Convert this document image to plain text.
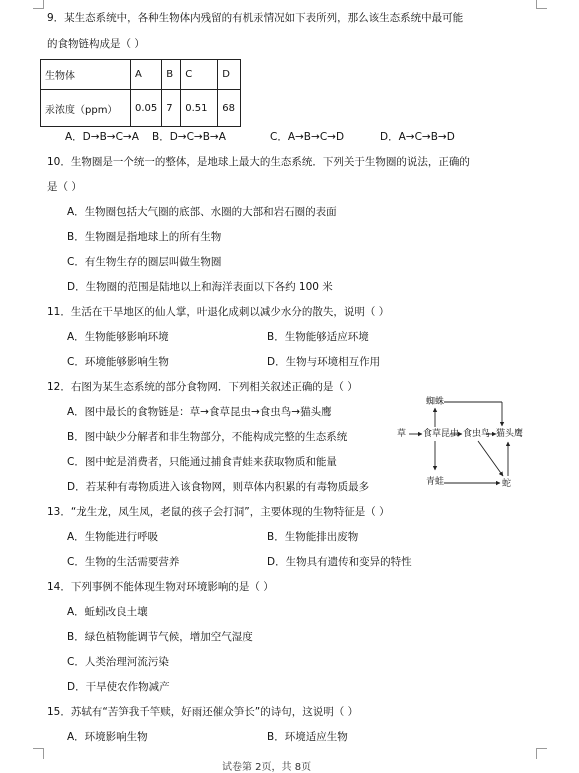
9．某生态系统中，各种生物体内残留的有机汞情况如下表所列，那么该生态系统中最可能
的食物链构成是（ ）
生物体	A	B	C	D
汞浓度（ppm）	0.05	7	0.51	68
A．D→B→C→A B．D→C→B→A	C．A→B→C→D	D．A→C→B→D
10．生物圈是一个统一的整体，是地球上最大的生态系统．下列关于生物圈的说法，正确的
是（ ）
A．生物圈包括大气圈的底部、水圈的大部和岩石圈的表面
B．生物圈是指地球上的所有生物
C．有生物生存的圈层叫做生物圈
D．生物圈的范围是陆地以上和海洋表面以下各约 100 米
11．生活在干旱地区的仙人掌，叶退化成刺以减少水分的散失，说明（ ）
A．生物能够影响环境	B．生物能够适应环境
C．环境能够影响生物	D．生物与环境相互作用
12．右图为某生态系统的部分食物网．下列相关叙述正确的是（ ）
A．图中最长的食物链是：草→食草昆虫→食虫鸟→猫头鹰
B．图中缺少分解者和非生物部分，不能构成完整的生态系统
C．图中蛇是消费者，只能通过捕食青蛙来获取物质和能量
D．若某种有毒物质进入该食物网，则草体内积累的有毒物质最多
蜘蛛
草 食草昆虫 食虫鸟 猫头鹰
青蛙	蛇
13．“龙生龙，凤生凤，老鼠的孩子会打洞”，主要体现的生物特征是（ ）
A．生物能进行呼吸	B．生物能排出废物
C．生物的生活需要营养	D．生物具有遗传和变异的特性
14．下列事例不能体现生物对环境影响的是（ ）
A．蚯蚓改良土壤
B．绿色植物能调节气候，增加空气湿度
C．人类治理河流污染
D．干旱使农作物减产
15．苏轼有“苦笋我千竿赎，好雨还催众笋长”的诗句，这说明（ ）
A．环境影响生物	B．环境适应生物
试卷第 2页，共 8页
